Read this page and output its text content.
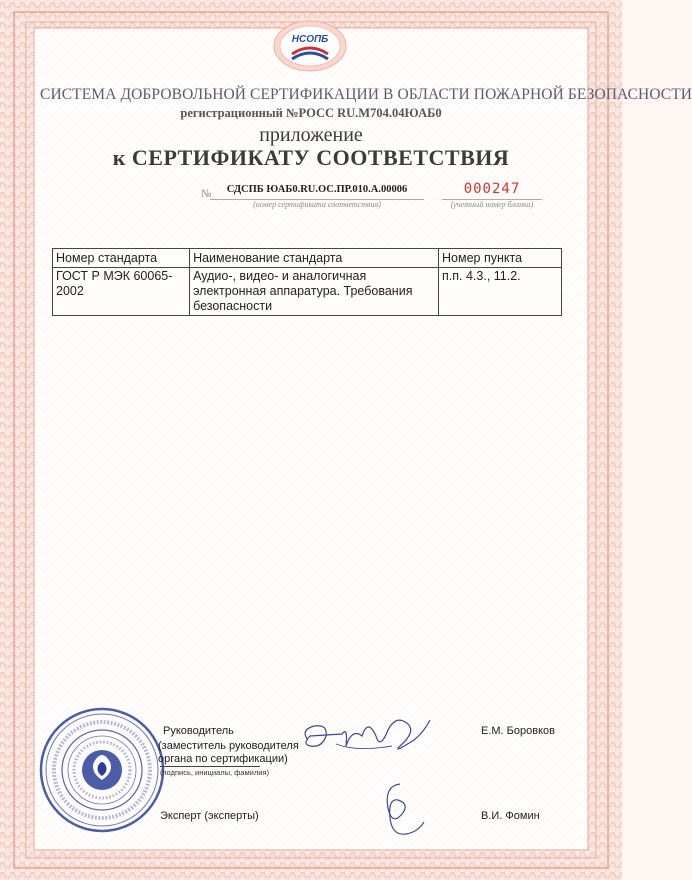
НСОПБ
СИСТЕМА ДОБРОВОЛЬНОЙ СЕРТИФИКАЦИИ В ОБЛАСТИ ПОЖАРНОЙ БЕЗОПАСНОСТИ
регистрационный №РОСС RU.М704.04ЮАБ0
приложение
к СЕРТИФИКАТУ СООТВЕТСТВИЯ
№	СДСПБ ЮАБ0.RU.ОС.ПР.010.А.00006
(номер сертификата соответствия)
000247
(учетный номер бланка)
Номер стандарта	Наименование стандарта	Номер пункта
ГОСТ Р МЭК 60065-2002	Аудио-, видео- и аналогичная электронная аппаратура. Требования безопасности	п.п. 4.3., 11.2.
Руководитель
(заместитель руководителя
органа по сертификации)
(подпись, инициалы, фамилия)
Е.М. Боровков
Эксперт (эксперты)	В.И. Фомин
